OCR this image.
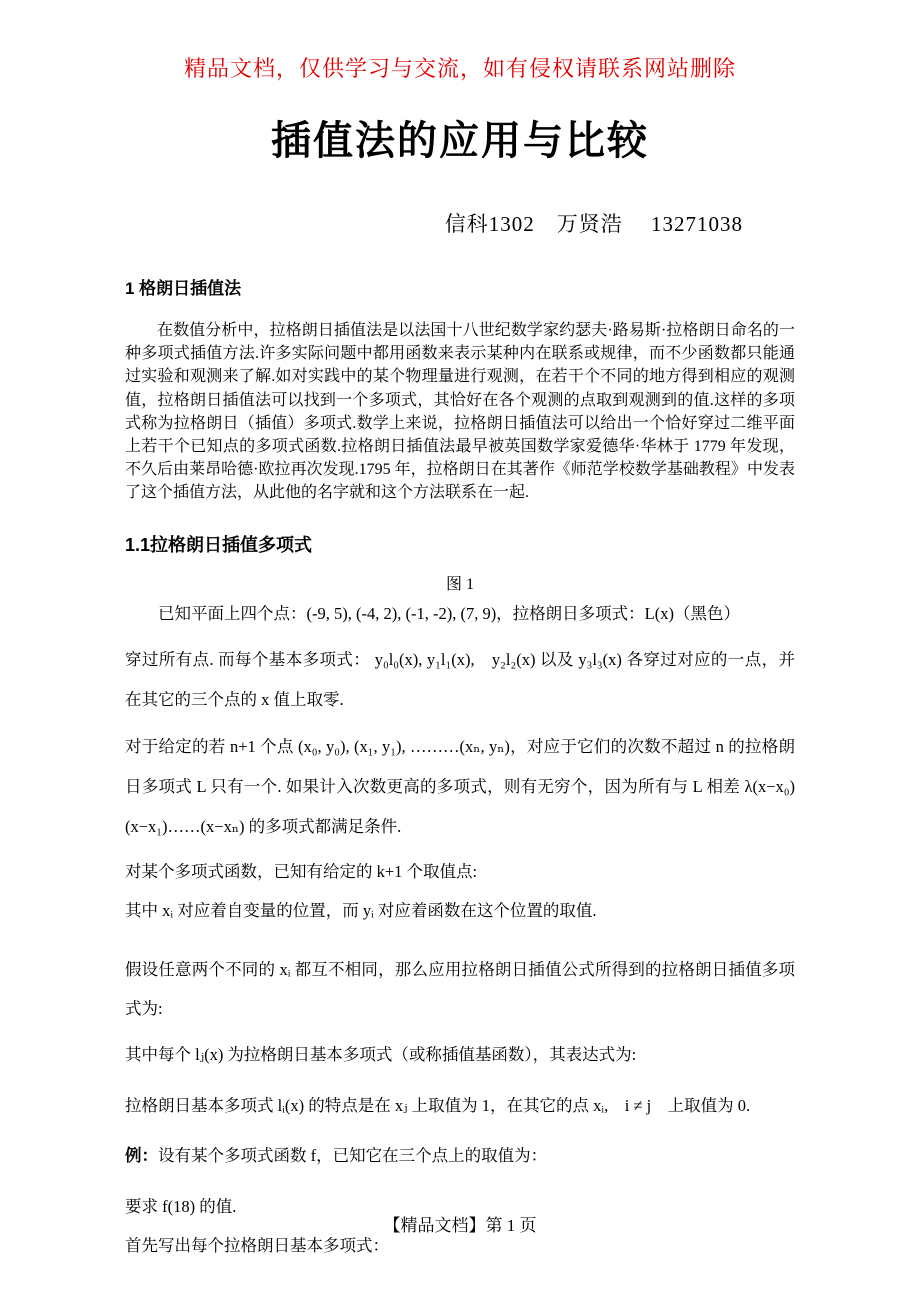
精品文档，仅供学习与交流，如有侵权请联系网站删除
插值法的应用与比较
信科1302　万贤浩　 13271038
1 格朗日插值法

在数值分析中，拉格朗日插值法是以法国十八世纪数学家约瑟夫·路易斯·拉格朗日命名的一种多项式插值方法.许多实际问题中都用函数来表示某种内在联系或规律，而不少函数都只能通过实验和观测来了解.如对实践中的某个物理量进行观测，在若干个不同的地方得到相应的观测值，拉格朗日插值法可以找到一个多项式，其恰好在各个观测的点取到观测到的值.这样的多项式称为拉格朗日（插值）多项式.数学上来说，拉格朗日插值法可以给出一个恰好穿过二维平面上若干个已知点的多项式函数.拉格朗日插值法最早被英国数学家爱德华·华林于 1779 年发现，不久后由莱昂哈德·欧拉再次发现.1795 年，拉格朗日在其著作《师范学校数学基础教程》中发表了这个插值方法，从此他的名字就和这个方法联系在一起.

1.1拉格朗日插值多项式
图 1

已知平面上四个点：(-9, 5), (-4, 2), (-1, -2), (7, 9)，拉格朗日多项式：L(x)（黑色）

穿过所有点. 而每个基本多项式： y₀l₀(x), y₁l₁(x),　y₂l₂(x) 以及 y₃l₃(x) 各穿过对应的一点，并在其它的三个点的 x 值上取零.

对于给定的若 n+1 个点 (x₀, y₀), (x₁, y₁), ………(xₙ, yₙ)，对应于它们的次数不超过 n 的拉格朗日多项式 L 只有一个. 如果计入次数更高的多项式，则有无穷个，因为所有与 L 相差 λ(x−x₀)(x−x₁)……(x−xₙ) 的多项式都满足条件.

对某个多项式函数，已知有给定的 k+1 个取值点:

其中 xᵢ 对应着自变量的位置，而 yᵢ 对应着函数在这个位置的取值.

假设任意两个不同的 xᵢ 都互不相同，那么应用拉格朗日插值公式所得到的拉格朗日插值多项式为:

其中每个 lⱼ(x) 为拉格朗日基本多项式（或称插值基函数），其表达式为:

拉格朗日基本多项式 lᵢ(x) 的特点是在 xⱼ 上取值为 1，在其它的点 xᵢ,　i ≠ j　上取值为 0.

例：设有某个多项式函数 f，已知它在三个点上的取值为：

要求 f(18) 的值.

首先写出每个拉格朗日基本多项式：

【精品文档】第 1 页
